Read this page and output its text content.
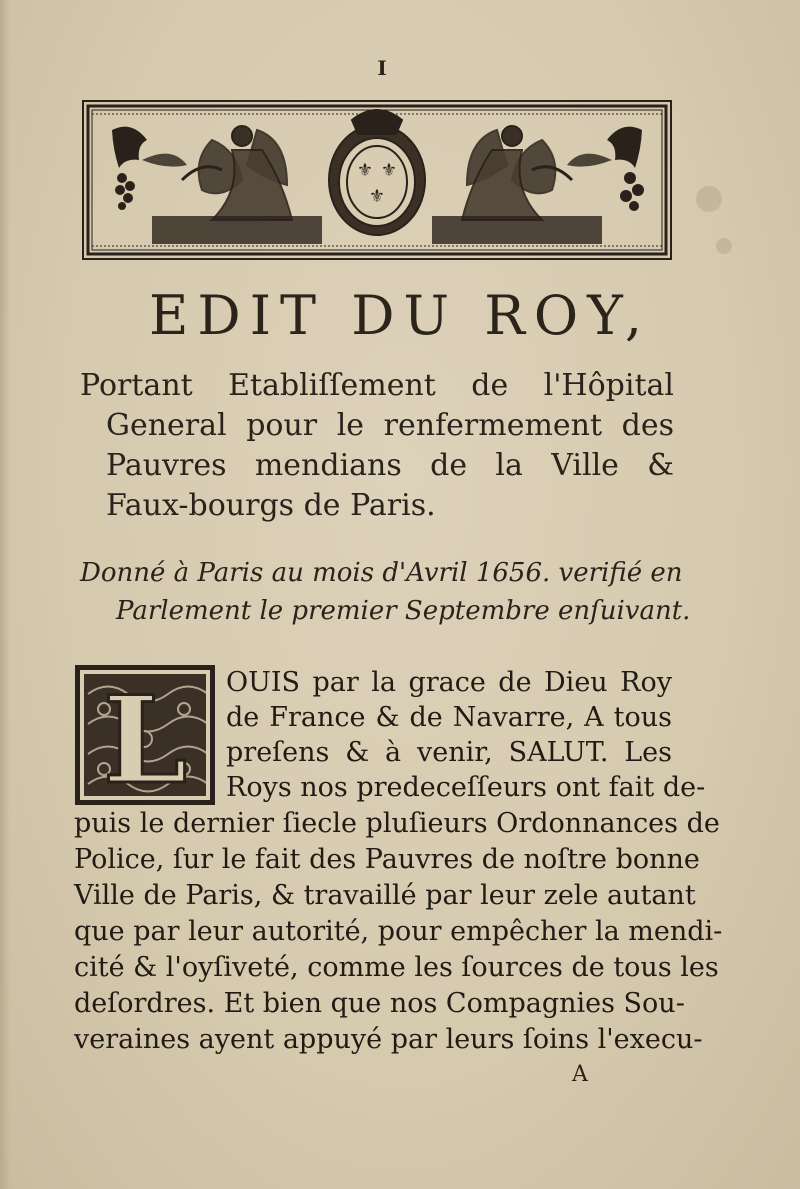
I
⚜ ⚜
⚜
EDIT DU ROY,
Portant Etabliſſement de l'Hôpital
General pour le renfermement des
Pauvres mendians de la Ville &
Faux-bourgs de Paris.
Donné à Paris au mois d'Avril 1656. verifié en
Parlement le premier Septembre enſuivant.
L OUIS par la grace de Dieu Roy
de France & de Navarre, A tous
preſens & à venir, SALUT. Les
Roys nos predeceſſeurs ont fait de-
puis le dernier ſiecle pluſieurs Ordonnances de
Police, ſur le fait des Pauvres de noſtre bonne
Ville de Paris, & travaillé par leur zele autant
que par leur autorité, pour empêcher la mendi-
cité & l'oyſiveté, comme les ſources de tous les
deſordres. Et bien que nos Compagnies Sou-
veraines ayent appuyé par leurs ſoins l'execu-
A
